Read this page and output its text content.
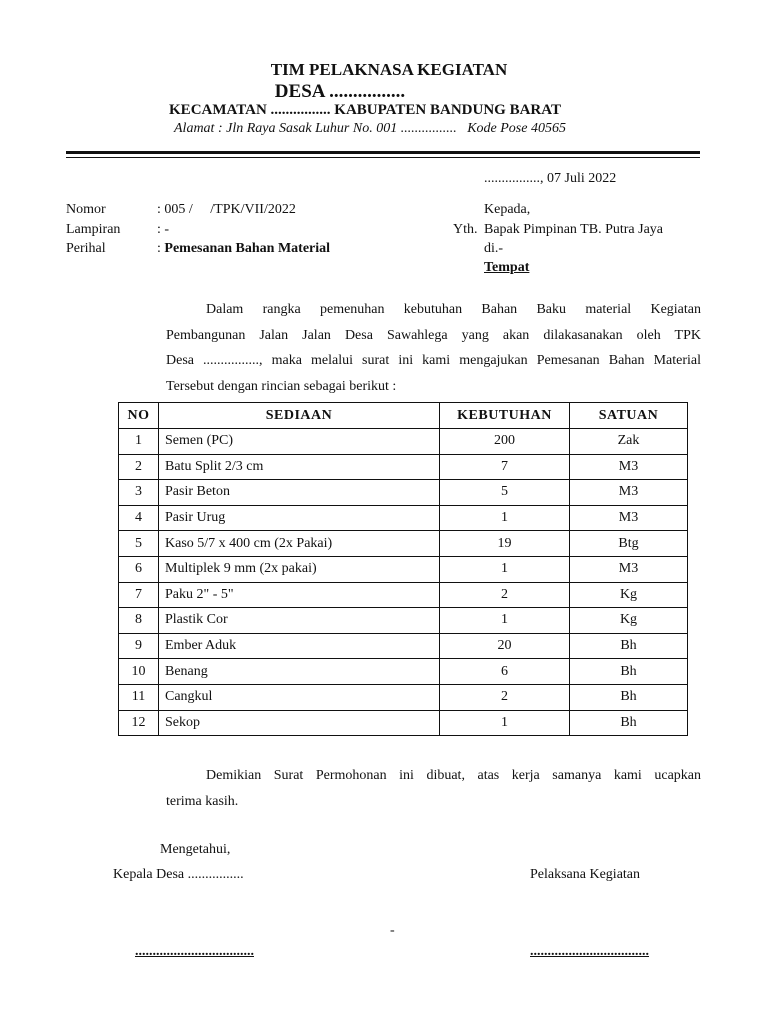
TIM PELAKNASA KEGIATAN
DESA ................
KECAMATAN ................ KABUPATEN BANDUNG BARAT
Alamat : Jln Raya Sasak Luhur No. 001 ................   Kode Pose 40565
................, 07 Juli 2022
Nomor	: 005 /     /TPK/VII/2022
Lampiran	: -
Perihal	: Pemesanan Bahan Material
Kepada,
Yth. Bapak Pimpinan TB. Putra Jaya
di.-
Tempat
Dalam rangka pemenuhan kebutuhan Bahan Baku material Kegiatan
Pembangunan Jalan Jalan Desa Sawahlega yang akan dilakasanakan oleh TPK
Desa ................, maka melalui surat ini kami mengajukan Pemesanan Bahan Material
Tersebut dengan rincian sebagai berikut :
NO	SEDIAAN	KEBUTUHAN	SATUAN
1	Semen (PC)	200	Zak
2	Batu Split 2/3 cm	7	M3
3	Pasir Beton	5	M3
4	Pasir Urug	1	M3
5	Kaso 5/7 x 400 cm (2x Pakai)	19	Btg
6	Multiplek 9 mm (2x pakai)	1	M3
7	Paku 2" - 5"	2	Kg
8	Plastik Cor	1	Kg
9	Ember Aduk	20	Bh
10	Benang	6	Bh
11	Cangkul	2	Bh
12	Sekop	1	Bh
Demikian Surat Permohonan ini dibuat, atas kerja samanya kami ucapkan
terima kasih.
Mengetahui,
Kepala Desa ................	Pelaksana Kegiatan
-
..................................	..................................
